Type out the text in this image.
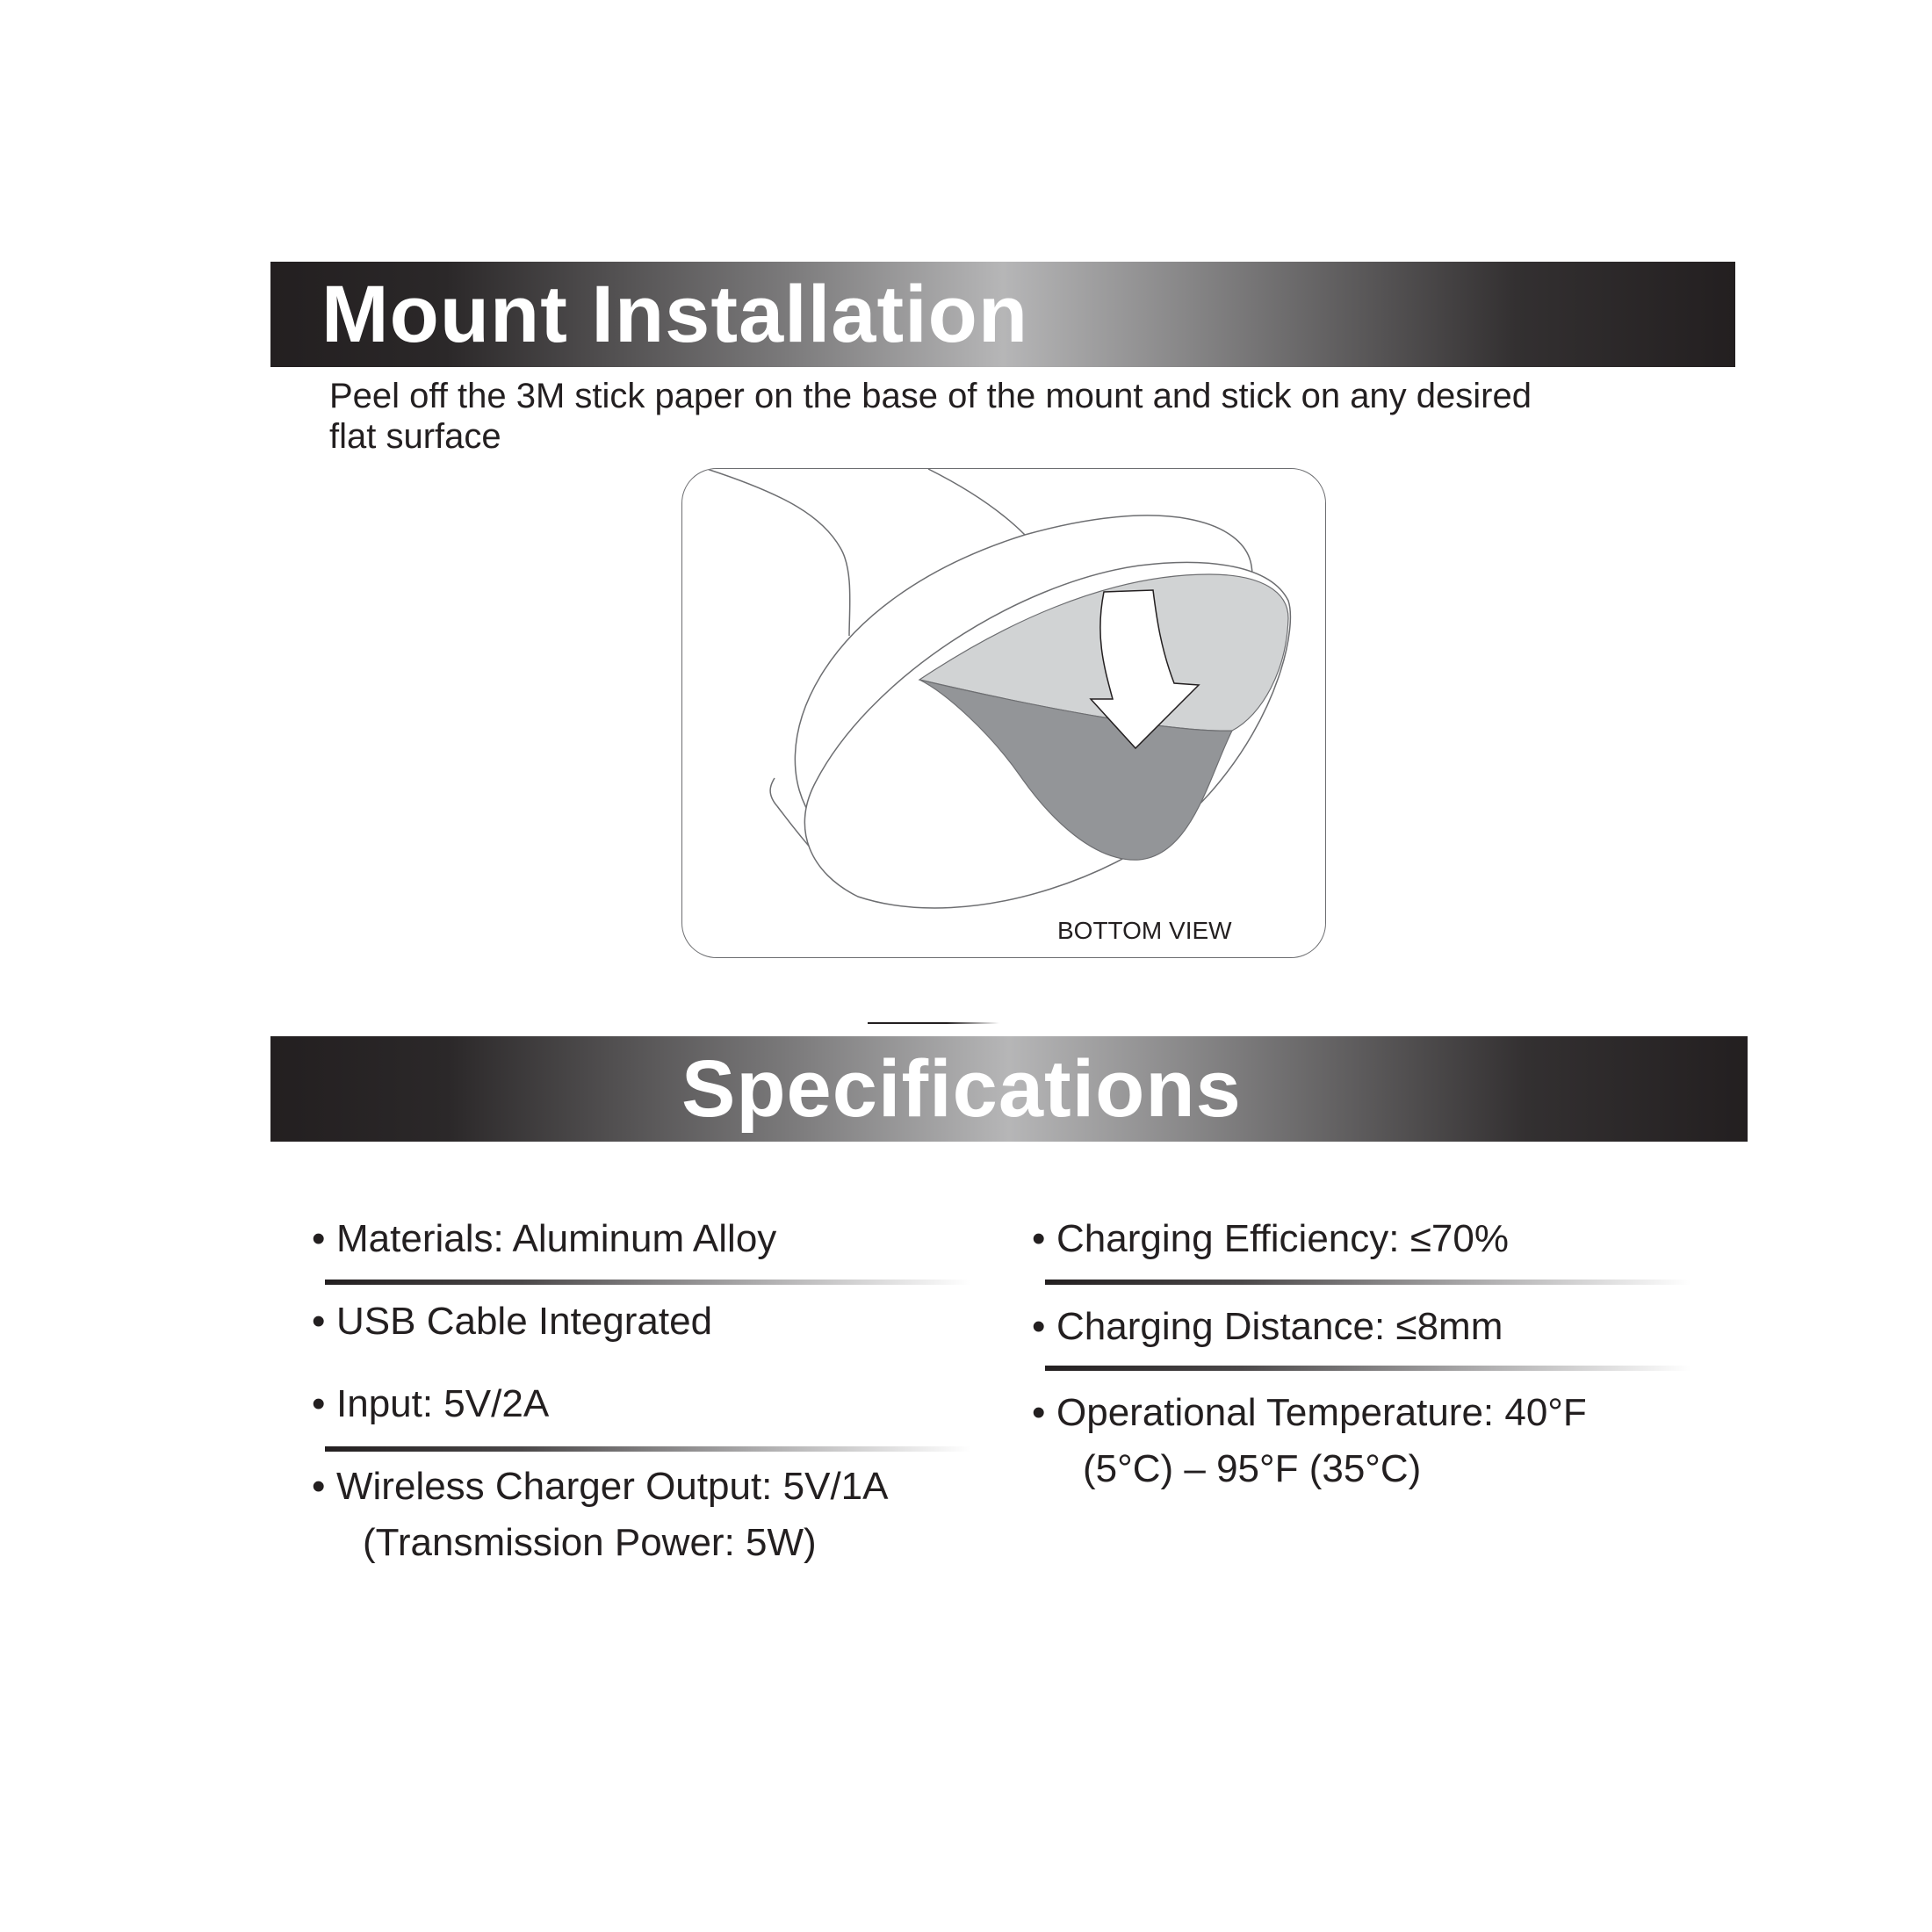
Mount Installation
Peel off the 3M stick paper on the base of the mount and stick on any desired flat surface
BOTTOM VIEW
Specifications
• Materials: Aluminum Alloy
• USB Cable Integrated
• Input: 5V/2A
• Wireless Charger Output: 5V/1A
(Transmission Power: 5W)
• Charging Efficiency: ≤70%
• Charging Distance: ≤8mm
• Operational Temperature: 40°F
(5°C) – 95°F (35°C)
